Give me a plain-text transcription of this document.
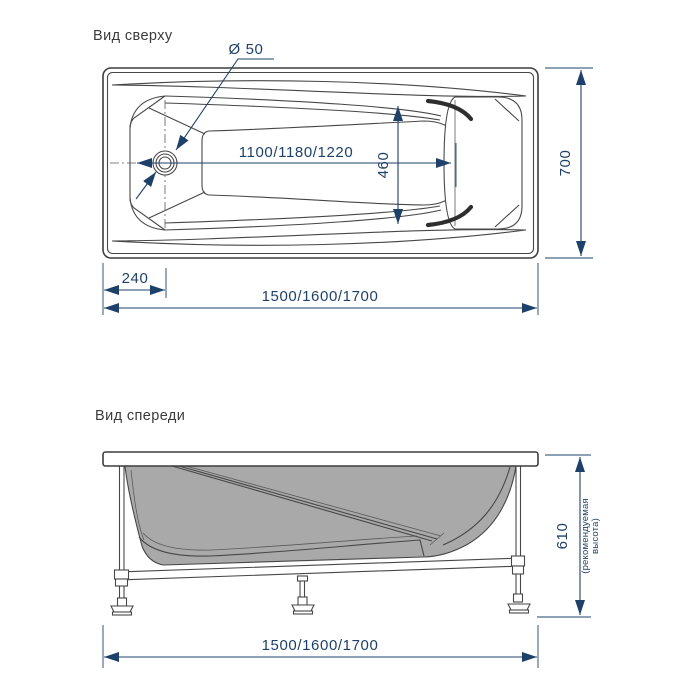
Вид сверху
Ø 50
1100/1180/1220 460	700
240
1500/1600/1700
Вид спереди
610 (рекомендуемая высота)
1500/1600/1700
